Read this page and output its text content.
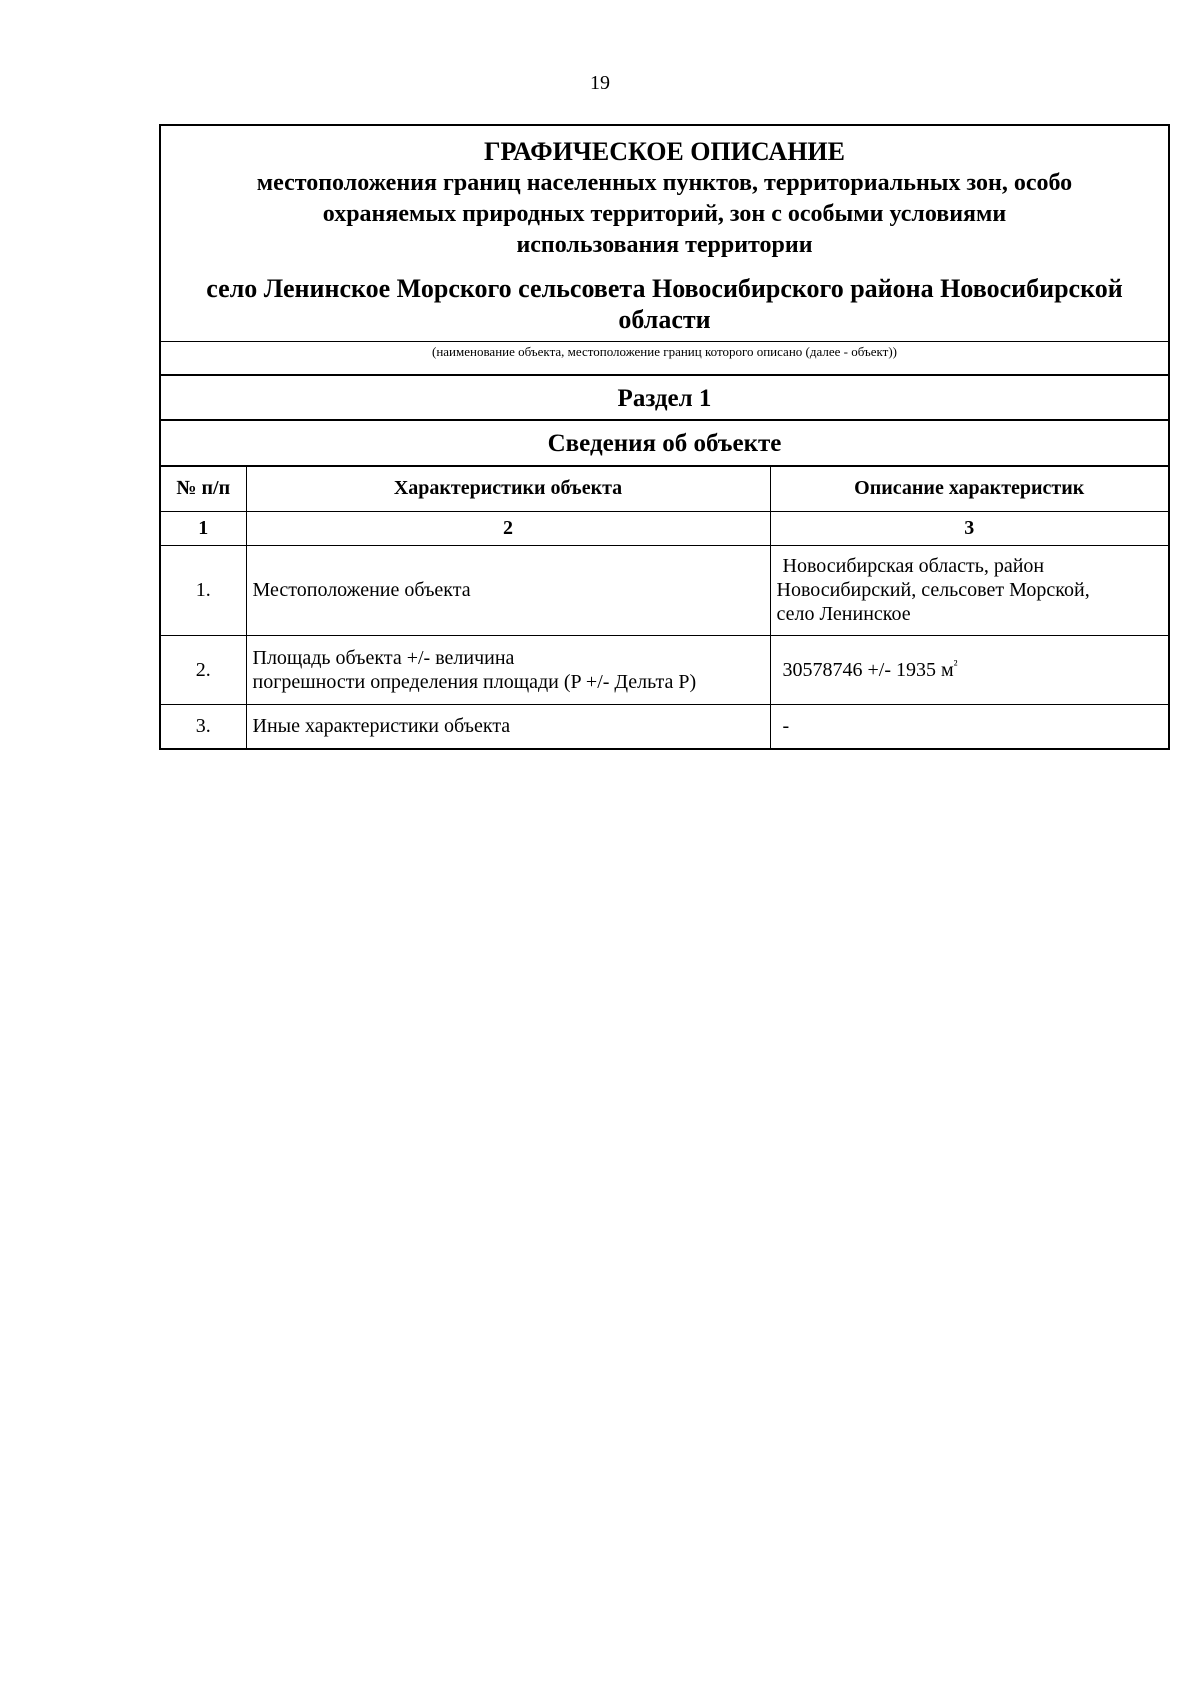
19
ГРАФИЧЕСКОЕ ОПИСАНИЕ
местоположения границ населенных пунктов, территориальных зон, особо
охраняемых природных территорий, зон с особыми условиями
использования территории
село Ленинское Морского сельсовета Новосибирского района Новосибирской
области
(наименование объекта, местоположение границ которого описано (далее - объект))
Раздел 1
Сведения об объекте
№ п/п	Характеристики объекта	Описание характеристик
1	2	3
1.	Местоположение объекта	Новосибирская область, район
Новосибирский, сельсовет Морской,
село Ленинское

2.	Площадь объекта +/- величина
погрешности определения площади (P +/- Дельта P)	30578746 +/- 1935 $м^{^2}$
3.	Иные характеристики объекта	-
